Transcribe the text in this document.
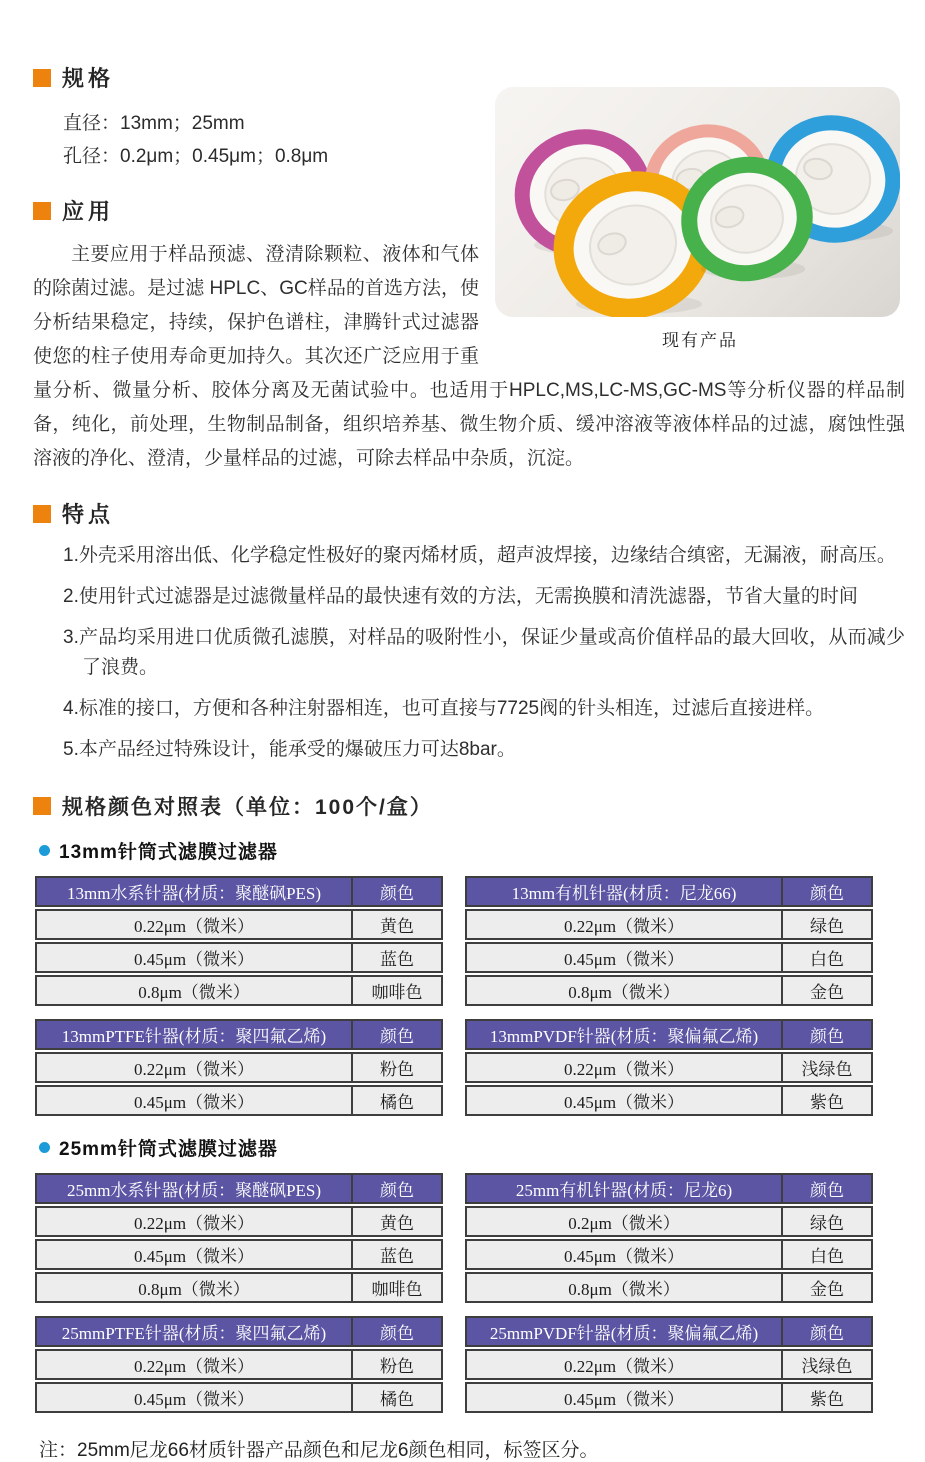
现有产品
规格
直径：13mm；25mm
孔径：0.2μm；0.45μm；0.8μm
应用

主要应用于样品预滤、澄清除颗粒、液体和气体的除菌过滤。是过滤 HPLC、GC样品的首选方法，使分析结果稳定，持续，保护色谱柱，津腾针式过滤器使您的柱子使用寿命更加持久。其次还广泛应用于重量分析、微量分析、胶体分离及无菌试验中。也适用于HPLC,MS,LC-MS,GC-MS等分析仪器的样品制备，纯化，前处理，生物制品制备，组织培养基、微生物介质、缓冲溶液等液体样品的过滤，腐蚀性强溶液的净化、澄清，少量样品的过滤，可除去样品中杂质，沉淀。

特点
1.外壳采用溶出低、化学稳定性极好的聚丙烯材质，超声波焊接，边缘结合缜密，无漏液，耐高压。
2.使用针式过滤器是过滤微量样品的最快速有效的方法，无需换膜和清洗滤器，节省大量的时间
3.产品均采用进口优质微孔滤膜，对样品的吸附性小，保证少量或高价值样品的最大回收，从而减少了浪费。
4.标准的接口，方便和各种注射器相连，也可直接与7725阀的针头相连，过滤后直接进样。
5.本产品经过特殊设计，能承受的爆破压力可达8bar。
规格颜色对照表（单位：100个/盒）
13mm针筒式滤膜过滤器
13mm水系针器(材质：聚醚砜PES)	颜色
0.22μm（微米）	黄色
0.45μm（微米）	蓝色
0.8μm（微米）	咖啡色
13mm有机针器(材质：尼龙66)	颜色
0.22μm（微米）	绿色
0.45μm（微米）	白色
0.8μm（微米）	金色
13mmPTFE针器(材质：聚四氟乙烯)	颜色
0.22μm（微米）	粉色
0.45μm（微米）	橘色
13mmPVDF针器(材质：聚偏氟乙烯)	颜色
0.22μm（微米）	浅绿色
0.45μm（微米）	紫色
25mm针筒式滤膜过滤器
25mm水系针器(材质：聚醚砜PES)	颜色
0.22μm（微米）	黄色
0.45μm（微米）	蓝色
0.8μm（微米）	咖啡色
25mm有机针器(材质：尼龙6)	颜色
0.2μm（微米）	绿色
0.45μm（微米）	白色
0.8μm（微米）	金色
25mmPTFE针器(材质：聚四氟乙烯)	颜色
0.22μm（微米）	粉色
0.45μm（微米）	橘色
25mmPVDF针器(材质：聚偏氟乙烯)	颜色
0.22μm（微米）	浅绿色
0.45μm（微米）	紫色
注：25mm尼龙66材质针器产品颜色和尼龙6颜色相同，标签区分。
